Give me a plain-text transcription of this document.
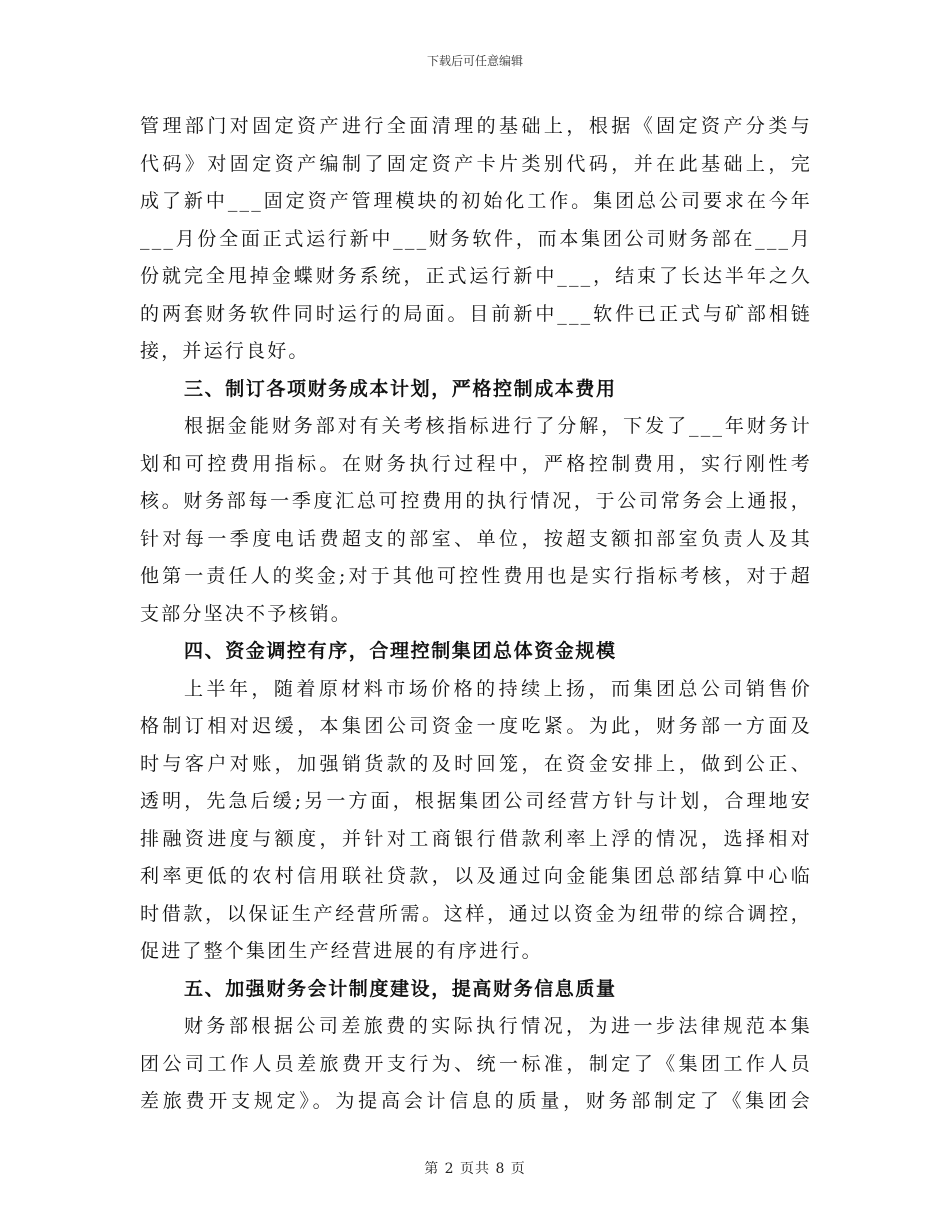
下载后可任意编辑
管理部门对固定资产进行全面清理的基础上，根据《固定资产分类与
代码》对固定资产编制了固定资产卡片类别代码，并在此基础上，完
成了新中___固定资产管理模块的初始化工作。集团总公司要求在今年
___月份全面正式运行新中___财务软件，而本集团公司财务部在___月
份就完全甩掉金蝶财务系统，正式运行新中___，结束了长达半年之久
的两套财务软件同时运行的局面。目前新中___软件已正式与矿部相链
接，并运行良好。
三、制订各项财务成本计划，严格控制成本费用
根据金能财务部对有关考核指标进行了分解，下发了___年财务计
划和可控费用指标。在财务执行过程中，严格控制费用，实行刚性考
核。财务部每一季度汇总可控费用的执行情况，于公司常务会上通报，
针对每一季度电话费超支的部室、单位，按超支额扣部室负责人及其
他第一责任人的奖金;对于其他可控性费用也是实行指标考核，对于超
支部分坚决不予核销。
四、资金调控有序，合理控制集团总体资金规模
上半年，随着原材料市场价格的持续上扬，而集团总公司销售价
格制订相对迟缓，本集团公司资金一度吃紧。为此，财务部一方面及
时与客户对账，加强销货款的及时回笼，在资金安排上，做到公正、
透明，先急后缓;另一方面，根据集团公司经营方针与计划，合理地安
排融资进度与额度，并针对工商银行借款利率上浮的情况，选择相对
利率更低的农村信用联社贷款，以及通过向金能集团总部结算中心临
时借款，以保证生产经营所需。这样，通过以资金为纽带的综合调控，
促进了整个集团生产经营进展的有序进行。
五、加强财务会计制度建设，提高财务信息质量
财务部根据公司差旅费的实际执行情况，为进一步法律规范本集
团公司工作人员差旅费开支行为、统一标准，制定了《集团工作人员
差旅费开支规定》。为提高会计信息的质量，财务部制定了《集团会
第 2 页共 8 页
